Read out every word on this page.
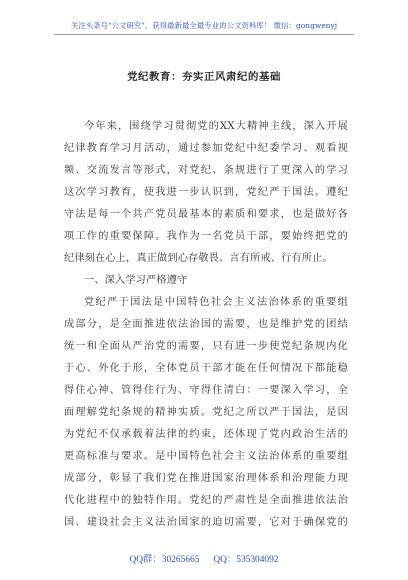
关注头条号"公文研究"，获得最新最全最专业的公文资料库！ 微信：gongwenyj
党纪教育：夯实正风肃纪的基础
今年来，围绕学习贯彻党的XX大精神主线，深入开展
纪律教育学习月活动，通过参加党纪中纪委学习、观看视
频、交流发言等形式，对党纪、条规进行了更深入的学习
这次学习教育，使我进一步认识到，党纪严于国法。遵纪
守法是每一个共产党员最基本的素质和要求，也是做好各
项工作的重要保障。我作为一名党员干部，要始终把党的
纪律刻在心上，真正做到心存敬畏、言有所戒、行有所止。
一、深入学习严格遵守
党纪严于国法是中国特色社会主义法治体系的重要组
成部分，是全面推进依法治国的需要，也是维护党的团结
统一和全面从严治党的需要，只有进一步使党纪条规内化
于心、外化于形，全体党员干部才能在任何情况下都能稳
得住心神、管得住行为、守得住清白：一要深入学习，全
面理解党纪条规的精神实质。党纪之所以严于国法，是因
为党纪不仅承载着法律的约束，还体现了党内政治生活的
更高标准与要求。是中国特色社会主义法治体系的重要组
成部分，彰显了我们党在推进国家治理体系和治理能力现
代化进程中的独特作用。党纪的严肃性是全面推进依法治
国、建设社会主义法治国家的迫切需要，它对于确保党的
QQ群：30265665 QQ：535304092
